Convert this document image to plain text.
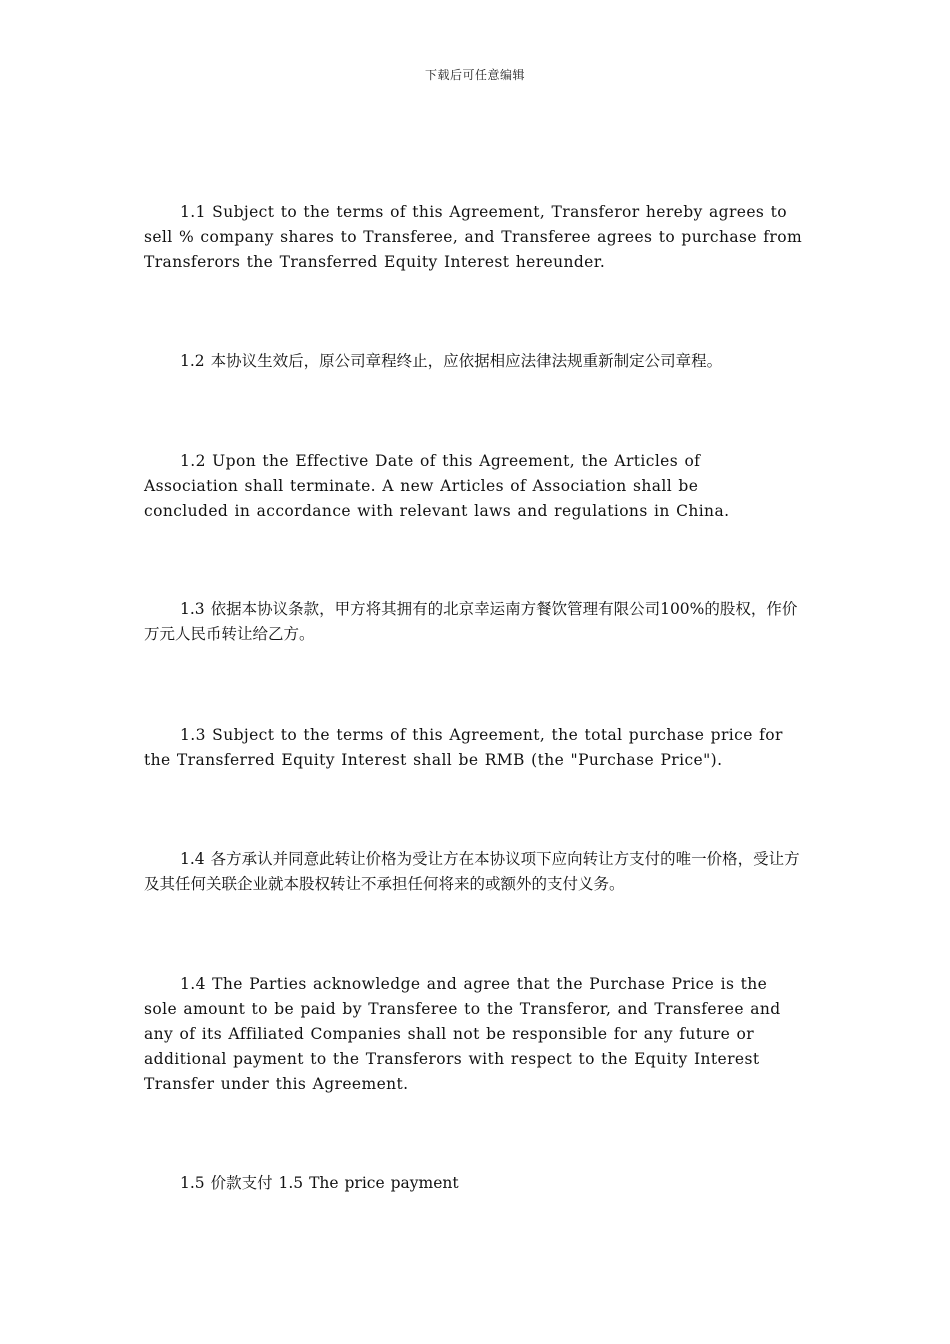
下载后可任意编辑
1.1 Subject to the terms of this Agreement, Transferor hereby agrees to sell % company shares to Transferee, and Transferee agrees to purchase from Transferors the Transferred Equity Interest hereunder.
1.2 本协议生效后，原公司章程终止，应依据相应法律法规重新制定公司章程。
1.2 Upon the Effective Date of this Agreement, the Articles of Association shall terminate. A new Articles of Association shall be concluded in accordance with relevant laws and regulations in China.
1.3 依据本协议条款，甲方将其拥有的北京幸运南方餐饮管理有限公司100%的股权，作价 万元人民币转让给乙方。
1.3 Subject to the terms of this Agreement, the total purchase price for the Transferred Equity Interest shall be RMB (the "Purchase Price").
1.4 各方承认并同意此转让价格为受让方在本协议项下应向转让方支付的唯一价格，受让方及其任何关联企业就本股权转让不承担任何将来的或额外的支付义务。
1.4 The Parties acknowledge and agree that the Purchase Price is the sole amount to be paid by Transferee to the Transferor, and Transferee and any of its Affiliated Companies shall not be responsible for any future or additional payment to the Transferors with respect to the Equity Interest Transfer under this Agreement.
1.5 价款支付 1.5 The price payment
